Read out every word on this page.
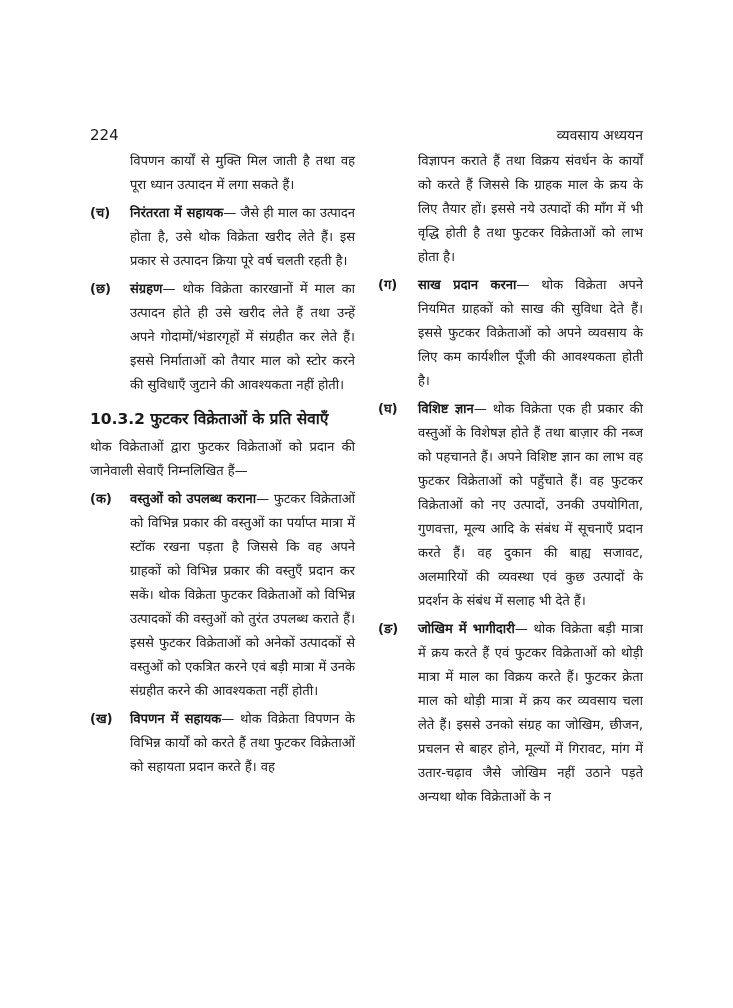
224	व्यवसाय अध्ययन
विपणन कार्यों से मुक्ति मिल जाती है तथा वह पूरा ध्यान उत्पादन में लगा सकते हैं।
(च) निरंतरता में सहायक— जैसे ही माल का उत्पादन होता है, उसे थोक विक्रेता खरीद लेते हैं। इस प्रकार से उत्पादन क्रिया पूरे वर्ष चलती रहती है।
(छ) संग्रहण— थोक विक्रेता कारखानों में माल का उत्पादन होते ही उसे खरीद लेते हैं तथा उन्हें अपने गोदामों/भंडारगृहों में संग्रहीत कर लेते हैं। इससे निर्माताओं को तैयार माल को स्टोर करने की सुविधाएँ जुटाने की आवश्यकता नहीं होती।
10.3.2 फुटकर विक्रेताओं के प्रति सेवाएँ
थोक विक्रेताओं द्वारा फुटकर विक्रेताओं को प्रदान की जानेवाली सेवाएँ निम्नलिखित हैं—
(क) वस्तुओं को उपलब्ध कराना— फुटकर विक्रेताओं को विभिन्न प्रकार की वस्तुओं का पर्याप्त मात्रा में स्टॉक रखना पड़ता है जिससे कि वह अपने ग्राहकों को विभिन्न प्रकार की वस्तुएँ प्रदान कर सकें। थोक विक्रेता फुटकर विक्रेताओं को विभिन्न उत्पादकों की वस्तुओं को तुरंत उपलब्ध कराते हैं। इससे फुटकर विक्रेताओं को अनेकों उत्पादकों से वस्तुओं को एकत्रित करने एवं बड़ी मात्रा में उनके संग्रहीत करने की आवश्यकता नहीं होती।
(ख) विपणन में सहायक— थोक विक्रेता विपणन के विभिन्न कार्यों को करते हैं तथा फुटकर विक्रेताओं को सहायता प्रदान करते हैं। वह
विज्ञापन कराते हैं तथा विक्रय संवर्धन के कार्यों को करते हैं जिससे कि ग्राहक माल के क्रय के लिए तैयार हों। इससे नये उत्पादों की माँग में भी वृद्धि होती है तथा फुटकर विक्रेताओं को लाभ होता है।
(ग) साख प्रदान करना— थोक विक्रेता अपने नियमित ग्राहकों को साख की सुविधा देते हैं। इससे फुटकर विक्रेताओं को अपने व्यवसाय के लिए कम कार्यशील पूँजी की आवश्यकता होती है।
(घ) विशिष्ट ज्ञान— थोक विक्रेता एक ही प्रकार की वस्तुओं के विशेषज्ञ होते हैं तथा बाज़ार की नब्ज को पहचानते हैं। अपने विशिष्ट ज्ञान का लाभ वह फुटकर विक्रेताओं को पहुँचाते हैं। वह फुटकर विक्रेताओं को नए उत्पादों, उनकी उपयोगिता, गुणवत्ता, मूल्य आदि के संबंध में सूचनाएँ प्रदान करते हैं। वह दुकान की बाह्य सजावट, अलमारियों की व्यवस्था एवं कुछ उत्पादों के प्रदर्शन के संबंध में सलाह भी देते हैं।
(ङ) जोखिम में भागीदारी— थोक विक्रेता बड़ी मात्रा में क्रय करते हैं एवं फुटकर विक्रेताओं को थोड़ी मात्रा में माल का विक्रय करते हैं। फुटकर क्रेता माल को थोड़ी मात्रा में क्रय कर व्यवसाय चला लेते हैं। इससे उनको संग्रह का जोखिम, छीजन, प्रचलन से बाहर होने, मूल्यों में गिरावट, मांग में उतार-चढ़ाव जैसे जोखिम नहीं उठाने पड़ते अन्यथा थोक विक्रेताओं के न
